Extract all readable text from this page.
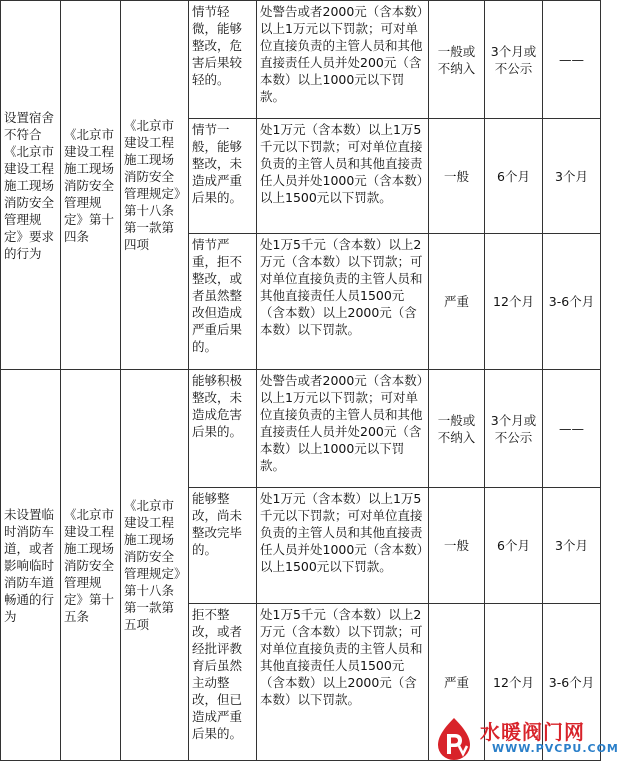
设置宿舍不符合《北京市建设工程施工现场消防安全管理规定》要求的行为	《北京市建设工程施工现场消防安全管理规定》第十四条	《北京市建设工程施工现场消防安全管理规定》第十八条第一款第四项	情节轻微，能够整改，危害后果较轻的。	处警告或者2000元（含本数）以上1万元以下罚款；可对单位直接负责的主管人员和其他直接责任人员并处200元（含本数）以上1000元以下罚款。	一般或不纳入	3个月或不公示	——
			情节一般，能够整改，未造成严重后果的。	处1万元（含本数）以上1万5千元以下罚款；可对单位直接负责的主管人员和其他直接责任人员并处1000元（含本数）以上1500元以下罚款。	一般	6个月	3个月
			情节严重，拒不整改，或者虽然整改但造成严重后果的。	处1万5千元（含本数）以上2万元（含本数）以下罚款；可对单位直接负责的主管人员和其他直接责任人员1500元（含本数）以上2000元（含本数）以下罚款。	严重	12个月	3-6个月
未设置临时消防车道，或者影响临时消防车道畅通的行为	《北京市建设工程施工现场消防安全管理规定》第十五条	《北京市建设工程施工现场消防安全管理规定》第十八条第一款第五项	能够积极整改，未造成危害后果的。	处警告或者2000元（含本数）以上1万元以下罚款；可对单位直接负责的主管人员和其他直接责任人员并处200元（含本数）以上1000元以下罚款。	一般或不纳入	3个月或不公示	——
			能够整改，尚未整改完毕的。	处1万元（含本数）以上1万5千元以下罚款；可对单位直接负责的主管人员和其他直接责任人员并处1000元（含本数）以上1500元以下罚款。	一般	6个月	3个月
			拒不整改，或者经批评教育后虽然主动整改，但已造成严重后果的。	处1万5千元（含本数）以上2万元（含本数）以下罚款；可对单位直接负责的主管人员和其他直接责任人员1500元（含本数）以上2000元（含本数）以下罚款。	严重	12个月	3-6个月
水暖阀门网
WWW.PVCPU.COM
